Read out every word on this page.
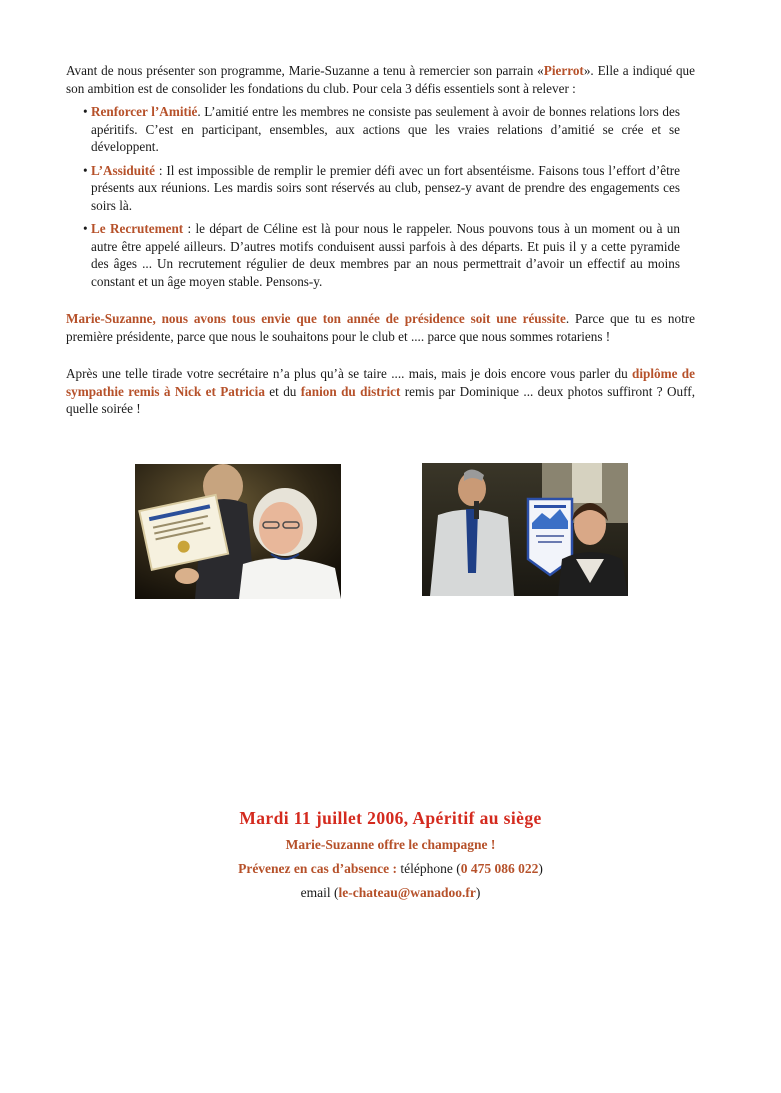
Avant de nous présenter son programme, Marie-Suzanne a tenu à remercier son parrain «Pierrot». Elle a indiqué que son ambition est de consolider les fondations du club. Pour cela 3 défis essentiels sont à relever :

• Renforcer l’Amitié. L’amitié entre les membres ne consiste pas seulement à avoir de bonnes relations lors des apéritifs. C’est en participant, ensembles, aux actions que les vraies relations d’amitié se crée et se développent.
• L’Assiduité : Il est impossible de remplir le premier défi avec un fort absentéisme. Faisons tous l’effort d’être présents aux réunions. Les mardis soirs sont réservés au club, pensez-y avant de prendre des engagements ces soirs là.
• Le Recrutement : le départ de Céline est là pour nous le rappeler. Nous pouvons tous à un moment ou à un autre être appelé ailleurs. D’autres motifs conduisent aussi parfois à des départs. Et puis il y a cette pyramide des âges ... Un recrutement régulier de deux membres par an nous permettrait d’avoir un effectif au moins constant et un âge moyen stable. Pensons-y.

Marie-Suzanne, nous avons tous envie que ton année de présidence soit une réussite. Parce que tu es notre première présidente, parce que nous le souhaitons pour le club et .... parce que nous sommes rotariens !

Après une telle tirade votre secrétaire n’a plus qu’à se taire .... mais, mais je dois encore vous parler du diplôme de sympathie remis à Nick et Patricia et du fanion du district remis par Dominique ... deux photos suffiront ? Ouff, quelle soirée !

Mardi 11 juillet 2006, Apéritif au siège

Marie-Suzanne offre le champagne !

Prévenez en cas d’absence : téléphone (0 475 086 022)

email (le-chateau@wanadoo.fr)
